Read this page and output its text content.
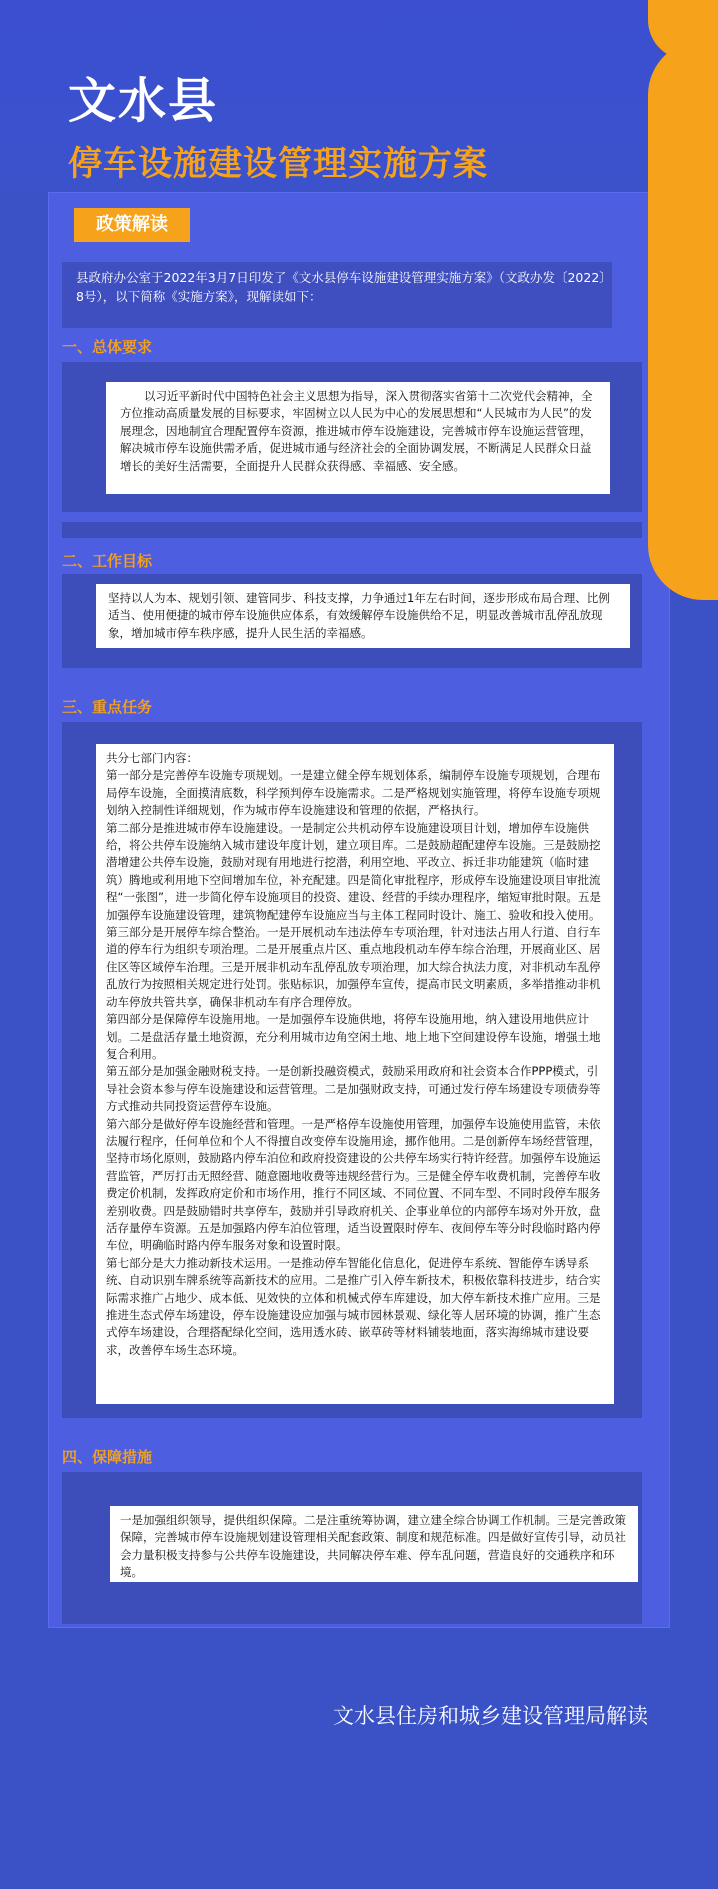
文水县
停车设施建设管理实施方案
政策解读

县政府办公室于2022年3月7日印发了《文水县停车设施建设管理实施方案》（文政办发〔2022〕8号），以下简称《实施方案》，现解读如下：

一、总体要求
以习近平新时代中国特色社会主义思想为指导，深入贯彻落实省第十二次党代会精神，全方位推动高质量发展的目标要求，牢固树立以人民为中心的发展思想和“人民城市为人民”的发展理念，因地制宜合理配置停车资源，推进城市停车设施建设，完善城市停车设施运营管理，解决城市停车设施供需矛盾，促进城市通与经济社会的全面协调发展，不断满足人民群众日益增长的美好生活需要，全面提升人民群众获得感、幸福感、安全感。
二、工作目标
坚持以人为本、规划引领、建管同步、科技支撑，力争通过1年左右时间，逐步形成布局合理、比例适当、使用便捷的城市停车设施供应体系，有效缓解停车设施供给不足，明显改善城市乱停乱放现象，增加城市停车秩序感，提升人民生活的幸福感。
三、重点任务
共分七部门内容：
第一部分是完善停车设施专项规划。一是建立健全停车规划体系，编制停车设施专项规划，合理布局停车设施，全面摸清底数，科学预判停车设施需求。二是严格规划实施管理，将停车设施专项规划纳入控制性详细规划，作为城市停车设施建设和管理的依据，严格执行。
第二部分是推进城市停车设施建设。一是制定公共机动停车设施建设项目计划，增加停车设施供给，将公共停车设施纳入城市建设年度计划，建立项目库。二是鼓励超配建停车设施。三是鼓励挖潜增建公共停车设施，鼓励对现有用地进行挖潜，利用空地、平改立、拆迁非功能建筑（临时建筑）腾地或利用地下空间增加车位，补充配建。四是简化审批程序，形成停车设施建设项目审批流程“一张图”，进一步简化停车设施项目的投资、建设、经营的手续办理程序，缩短审批时限。五是加强停车设施建设管理，建筑物配建停车设施应当与主体工程同时设计、施工、验收和投入使用。
第三部分是开展停车综合整治。一是开展机动车违法停车专项治理，针对违法占用人行道、自行车道的停车行为组织专项治理。二是开展重点片区、重点地段机动车停车综合治理，开展商业区、居住区等区域停车治理。三是开展非机动车乱停乱放专项治理，加大综合执法力度，对非机动车乱停乱放行为按照相关规定进行处罚。张贴标识，加强停车宣传，提高市民文明素质，多举措推动非机动车停放共管共享，确保非机动车有序合理停放。
第四部分是保障停车设施用地。一是加强停车设施供地，将停车设施用地，纳入建设用地供应计划。二是盘活存量土地资源，充分利用城市边角空闲土地、地上地下空间建设停车设施，增强土地复合利用。
第五部分是加强金融财税支持。一是创新投融资模式，鼓励采用政府和社会资本合作PPP模式，引导社会资本参与停车设施建设和运营管理。二是加强财政支持，可通过发行停车场建设专项债券等方式推动共同投资运营停车设施。
第六部分是做好停车设施经营和管理。一是严格停车设施使用管理，加强停车设施使用监管，未依法履行程序，任何单位和个人不得擅自改变停车设施用途，挪作他用。二是创新停车场经营管理，坚持市场化原则，鼓励路内停车泊位和政府投资建设的公共停车场实行特许经营。加强停车设施运营监管，严厉打击无照经营、随意圈地收费等违规经营行为。三是健全停车收费机制，完善停车收费定价机制，发挥政府定价和市场作用，推行不同区域、不同位置、不同车型、不同时段停车服务差别收费。四是鼓励错时共享停车，鼓励并引导政府机关、企事业单位的内部停车场对外开放，盘活存量停车资源。五是加强路内停车泊位管理，适当设置限时停车、夜间停车等分时段临时路内停车位，明确临时路内停车服务对象和设置时限。
第七部分是大力推动新技术运用。一是推动停车智能化信息化，促进停车系统、智能停车诱导系统、自动识别车牌系统等高新技术的应用。二是推广引入停车新技术，积极依靠科技进步，结合实际需求推广占地少、成本低、见效快的立体和机械式停车库建设，加大停车新技术推广应用。三是推进生态式停车场建设，停车设施建设应加强与城市园林景观、绿化等人居环境的协调，推广生态式停车场建设，合理搭配绿化空间，选用透水砖、嵌草砖等材料铺装地面，落实海绵城市建设要求，改善停车场生态环境。
四、保障措施
一是加强组织领导，提供组织保障。二是注重统筹协调，建立建全综合协调工作机制。三是完善政策保障，完善城市停车设施规划建设管理相关配套政策、制度和规范标准。四是做好宣传引导，动员社会力量积极支持参与公共停车设施建设，共同解决停车难、停车乱问题，营造良好的交通秩序和环境。

文水县住房和城乡建设管理局解读
